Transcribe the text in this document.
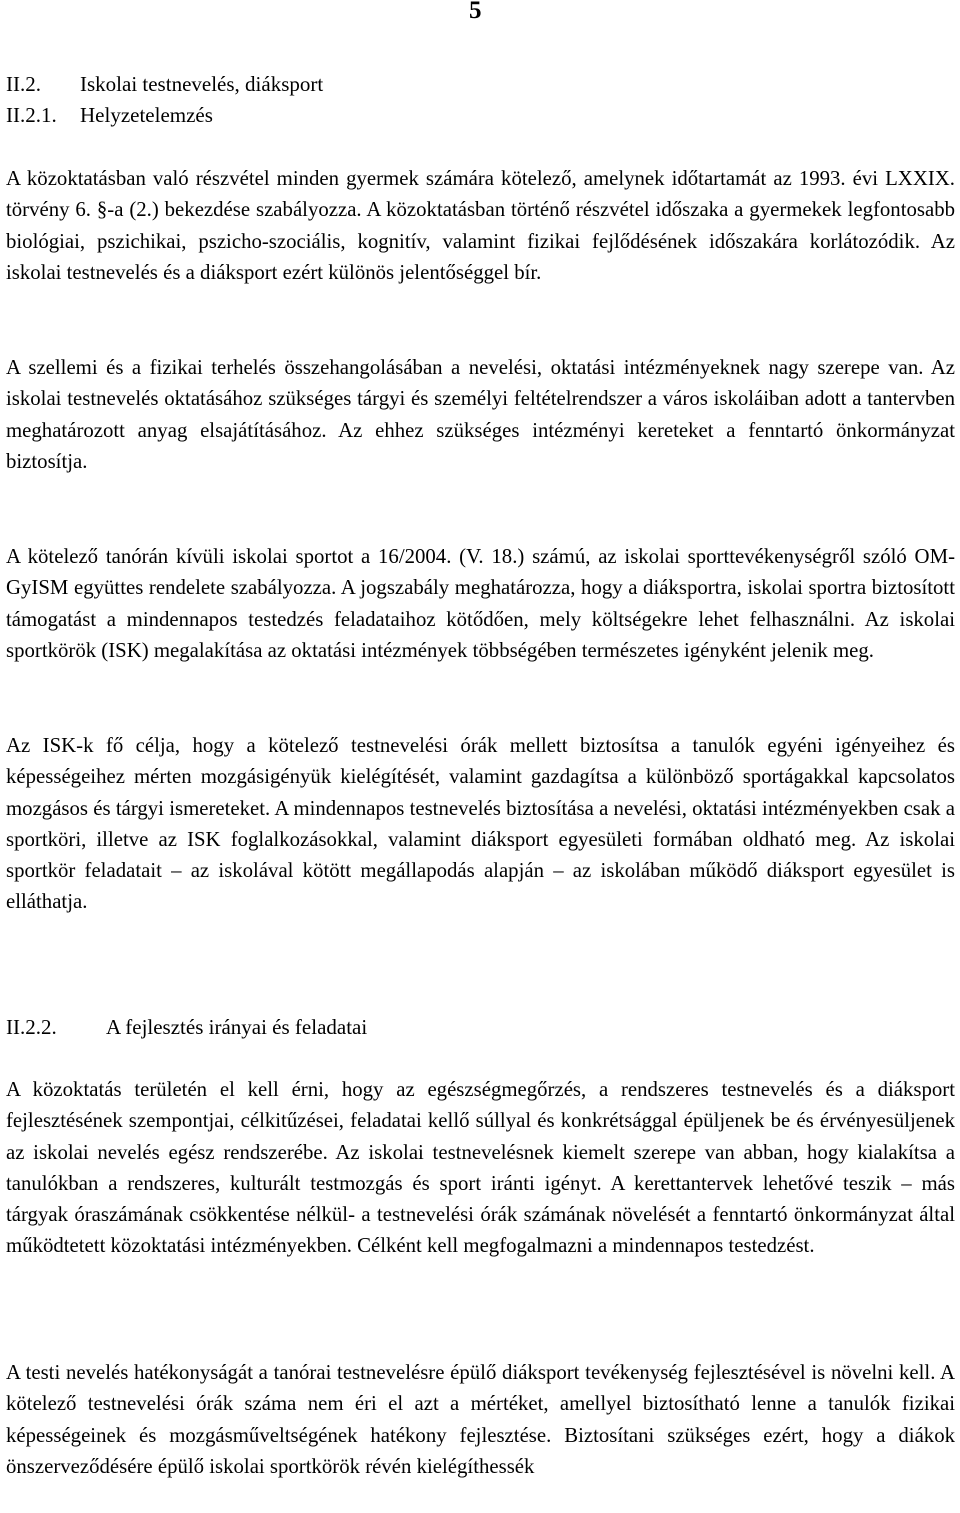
5
II.2. Iskolai testnevelés, diáksport
II.2.1. Helyzetelemzés

A közoktatásban való részvétel minden gyermek számára kötelező, amelynek időtartamát az 1993. évi LXXIX. törvény 6. §-a (2.) bekezdése szabályozza. A közoktatásban történő részvétel időszaka a gyermekek legfontosabb biológiai, pszichikai, pszicho-szociális, kognitív, valamint fizikai fejlődésének időszakára korlátozódik. Az iskolai testnevelés és a diáksport ezért különös jelentőséggel bír.

A szellemi és a fizikai terhelés összehangolásában a nevelési, oktatási intézményeknek nagy szerepe van. Az iskolai testnevelés oktatásához szükséges tárgyi és személyi feltételrendszer a város iskoláiban adott a tantervben meghatározott anyag elsajátításához. Az ehhez szükséges intézményi kereteket a fenntartó önkormányzat biztosítja.

A kötelező tanórán kívüli iskolai sportot a 16/2004. (V. 18.) számú, az iskolai sporttevékenységről szóló OM-GyISM együttes rendelete szabályozza. A jogszabály meghatározza, hogy a diáksportra, iskolai sportra biztosított támogatást a mindennapos testedzés feladataihoz kötődően, mely költségekre lehet felhasználni. Az iskolai sportkörök (ISK) megalakítása az oktatási intézmények többségében természetes igényként jelenik meg.

Az ISK-k fő célja, hogy a kötelező testnevelési órák mellett biztosítsa a tanulók egyéni igényeihez és képességeihez mérten mozgásigényük kielégítését, valamint gazdagítsa a különböző sportágakkal kapcsolatos mozgásos és tárgyi ismereteket. A mindennapos testnevelés biztosítása a nevelési, oktatási intézményekben csak a sportköri, illetve az ISK foglalkozásokkal, valamint diáksport egyesületi formában oldható meg. Az iskolai sportkör feladatait – az iskolával kötött megállapodás alapján – az iskolában működő diáksport egyesület is elláthatja.

II.2.2. A fejlesztés irányai és feladatai

A közoktatás területén el kell érni, hogy az egészségmegőrzés, a rendszeres testnevelés és a diáksport fejlesztésének szempontjai, célkitűzései, feladatai kellő súllyal és konkrétsággal épüljenek be és érvényesüljenek az iskolai nevelés egész rendszerébe. Az iskolai testnevelésnek kiemelt szerepe van abban, hogy kialakítsa a tanulókban a rendszeres, kulturált testmozgás és sport iránti igényt. A kerettantervek lehetővé teszik – más tárgyak óraszámának csökkentése nélkül- a testnevelési órák számának növelését a fenntartó önkormányzat által működtetett közoktatási intézményekben. Célként kell megfogalmazni a mindennapos testedzést.

A testi nevelés hatékonyságát a tanórai testnevelésre épülő diáksport tevékenység fejlesztésével is növelni kell. A kötelező testnevelési órák száma nem éri el azt a mértéket, amellyel biztosítható lenne a tanulók fizikai képességeinek és mozgásműveltségének hatékony fejlesztése. Biztosítani szükséges ezért, hogy a diákok önszerveződésére épülő iskolai sportkörök révén kielégíthessék
